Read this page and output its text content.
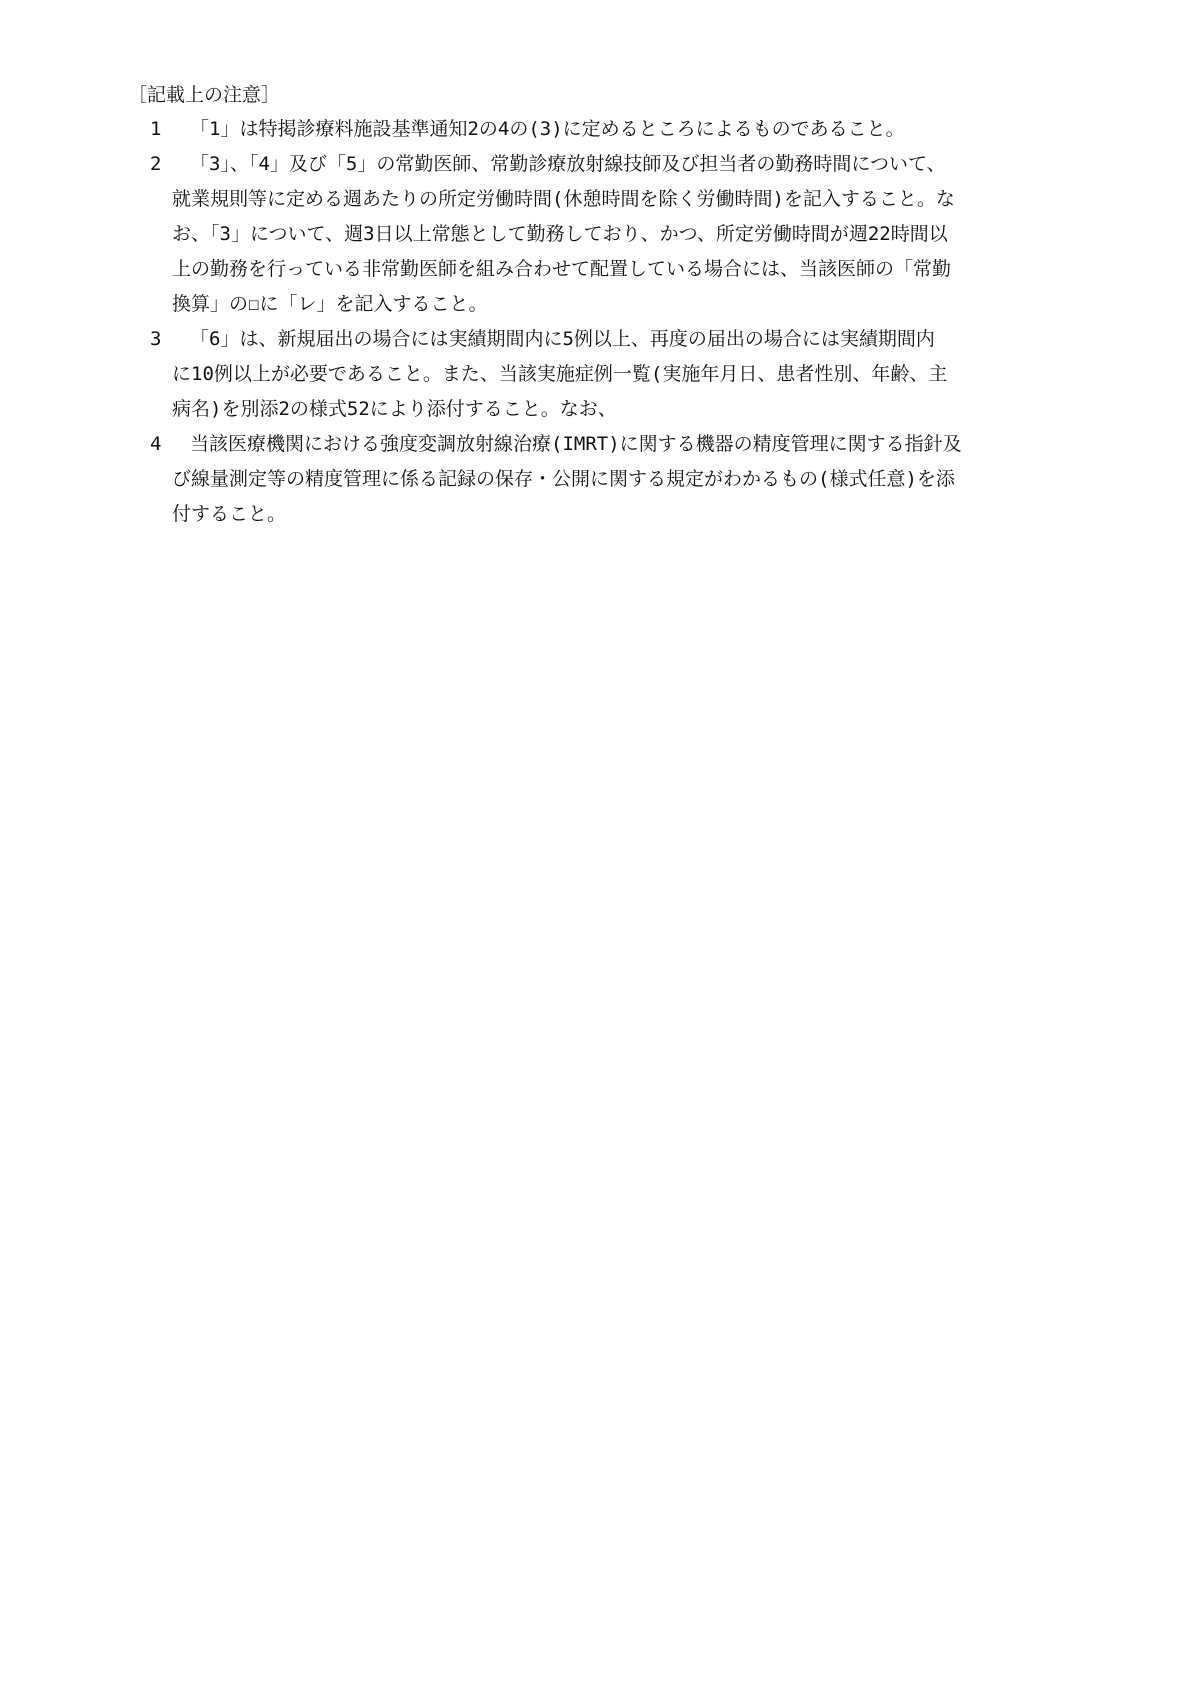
［記載上の注意］
1	「1」は特掲診療料施設基準通知2の4の(3)に定めるところによるものであること。
2	「3」、「4」及び「5」の常勤医師、常勤診療放射線技師及び担当者の勤務時間について、
就業規則等に定める週あたりの所定労働時間(休憩時間を除く労働時間)を記入すること。な
お、「3」について、週3日以上常態として勤務しており、かつ、所定労働時間が週22時間以
上の勤務を行っている非常勤医師を組み合わせて配置している場合には、当該医師の「常勤
換算」の☐に「レ」を記入すること。
3	「6」は、新規届出の場合には実績期間内に5例以上、再度の届出の場合には実績期間内
に10例以上が必要であること。また、当該実施症例一覧(実施年月日、患者性別、年齢、主
病名)を別添2の様式52により添付すること。なお、
4	当該医療機関における強度変調放射線治療(IMRT)に関する機器の精度管理に関する指針及
び線量測定等の精度管理に係る記録の保存・公開に関する規定がわかるもの(様式任意)を添
付すること。
